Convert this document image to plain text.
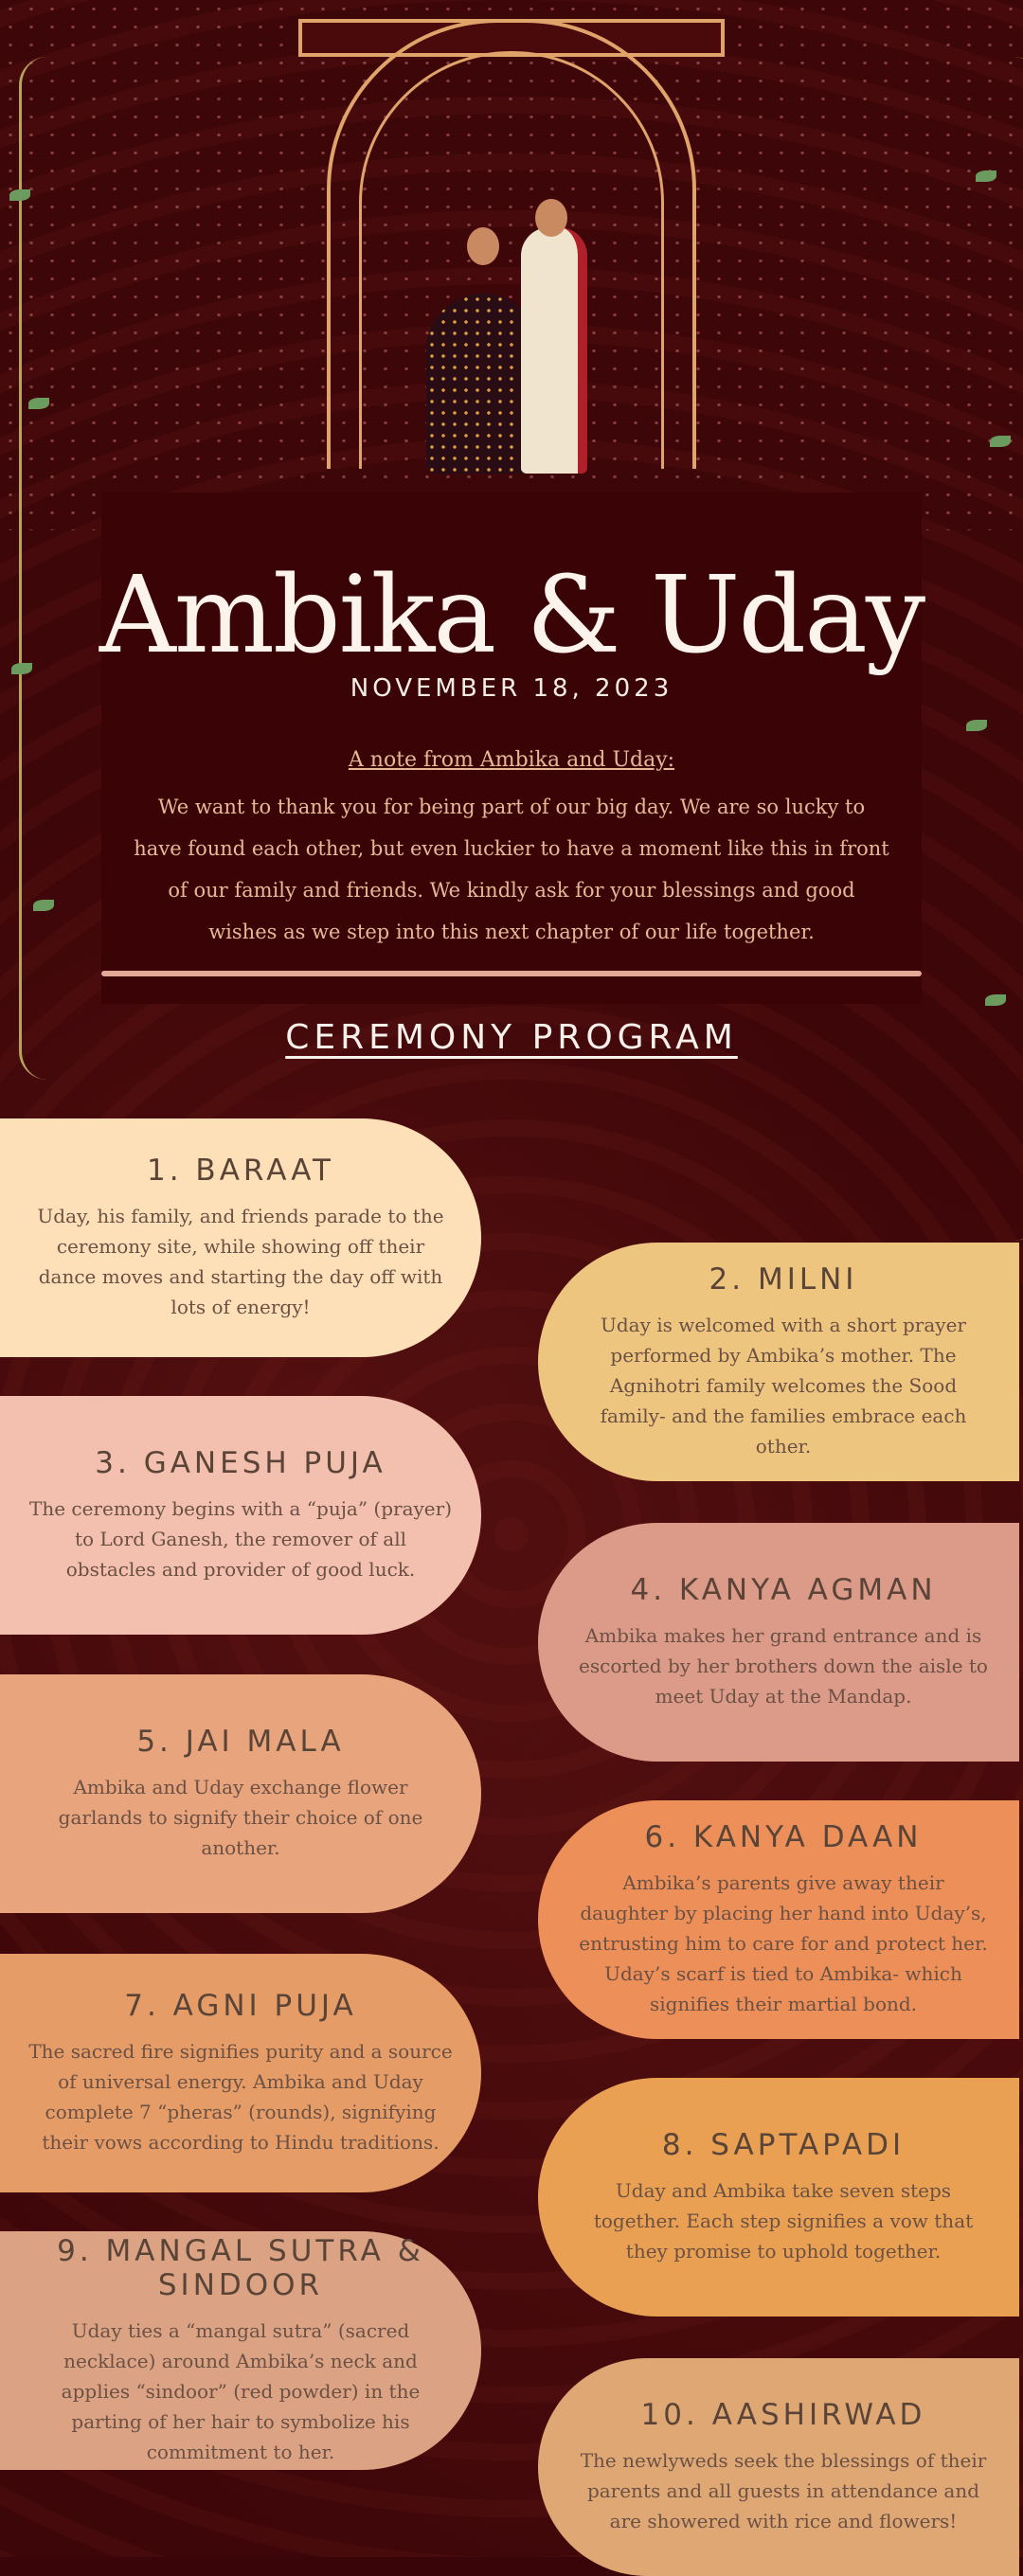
Ambika & Uday
NOVEMBER 18, 2023
A note from Ambika and Uday:
We want to thank you for being part of our big day. We are so lucky to have found each other, but even luckier to have a moment like this in front of our family and friends. We kindly ask for your blessings and good wishes as we step into this next chapter of our life together.
CEREMONY PROGRAM
1. BARAAT

Uday, his family, and friends parade to the ceremony site, while showing off their dance moves and starting the day off with lots of energy!

2. MILNI

Uday is welcomed with a short prayer performed by Ambika’s mother. The Agnihotri family welcomes the Sood family- and the families embrace each other.

3. GANESH PUJA

The ceremony begins with a “puja” (prayer) to Lord Ganesh, the remover of all obstacles and provider of good luck.

4. KANYA AGMAN

Ambika makes her grand entrance and is escorted by her brothers down the aisle to meet Uday at the Mandap.

5. JAI MALA

Ambika and Uday exchange flower garlands to signify their choice of one another.	6. KANYA DAAN

Ambika’s parents give away their daughter by placing her hand into Uday’s, entrusting him to care for and protect her. Uday’s scarf is tied to Ambika- which signifies their martial bond.

7. AGNI PUJA

The sacred fire signifies purity and a source of universal energy. Ambika and Uday complete 7 “pheras” (rounds), signifying their vows according to Hindu traditions.	8. SAPTAPADI

Uday and Ambika take seven steps together. Each step signifies a vow that they promise to uphold together.

9. MANGAL SUTRA & SINDOOR

Uday ties a “mangal sutra” (sacred necklace) around Ambika’s neck and applies “sindoor” (red powder) in the parting of her hair to symbolize his commitment to her.

10. AASHIRWAD

The newlyweds seek the blessings of their parents and all guests in attendance and are showered with rice and flowers!
